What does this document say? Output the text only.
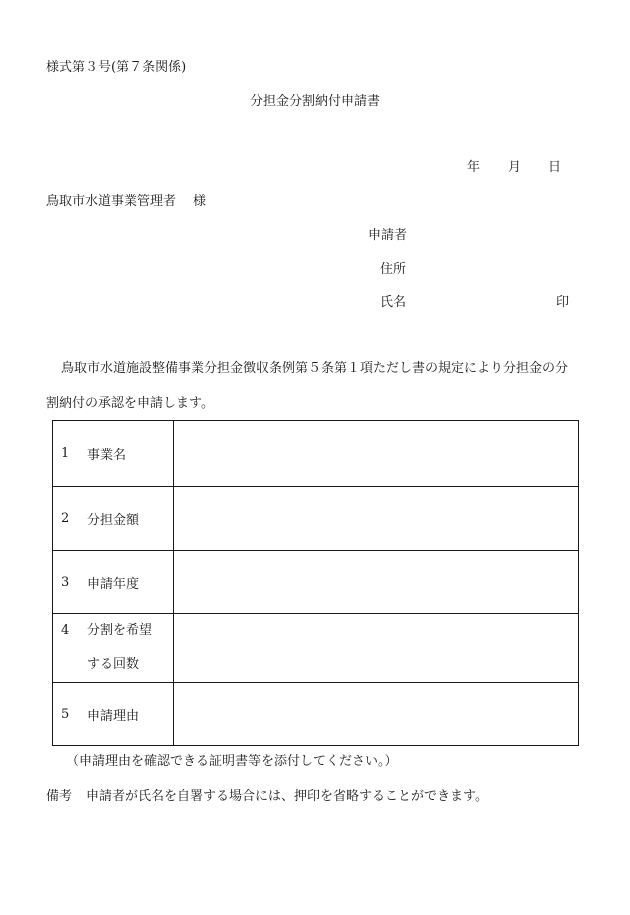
様式第３号(第７条関係)
分担金分割納付申請書
年 月 日
鳥取市水道事業管理者 様
申請者
住所
氏名	印
鳥取市水道施設整備事業分担金徴収条例第５条第１項ただし書の規定により分担金の分
割納付の承認を申請します。
1 事業名	

2 分担金額	

3 申請年度	

4 分割を希望
する回数	

5 申請理由	

（申請理由を確認できる証明書等を添付してください。）
備考 申請者が氏名を自署する場合には、押印を省略することができます。
